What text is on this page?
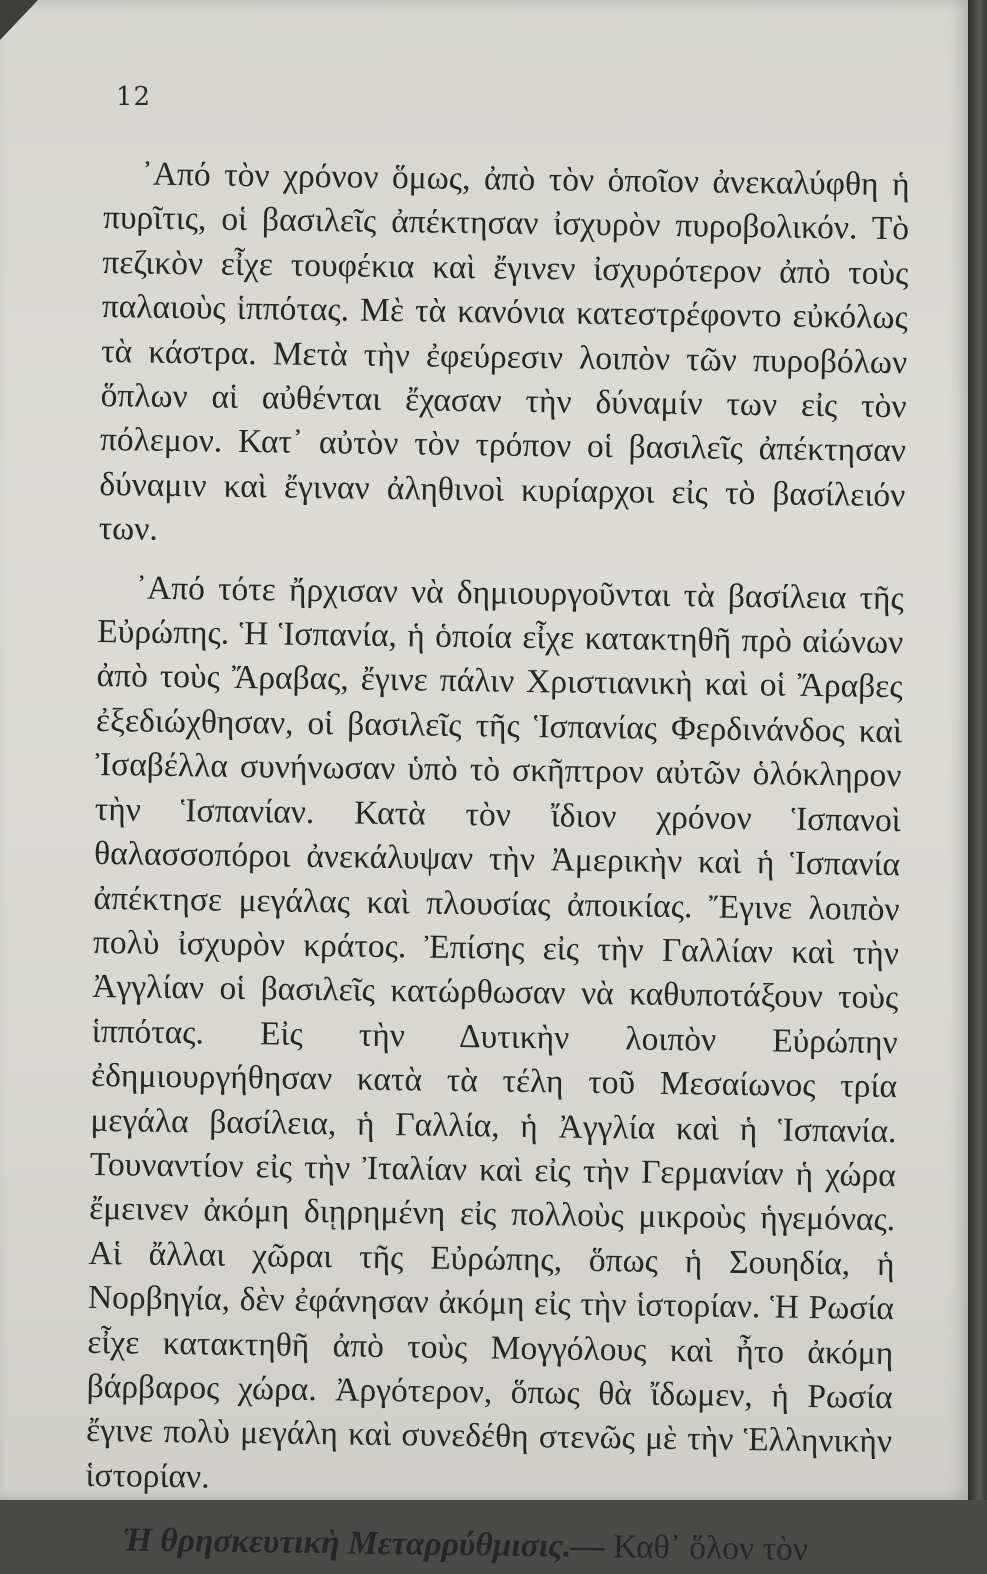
12

᾿Από τὸν χρόνον ὅμως, ἀπὸ τὸν ὁποῖον ἀνεκαλύφθη ἡ πυρῖτις, οἱ βασιλεῖς ἀπέκτησαν ἰσχυρὸν πυροβολικόν. Τὸ πεζικὸν εἶχε τουφέκια καὶ ἔγινεν ἰσχυρότερον ἀπὸ τοὺς παλαιοὺς ἱππότας. Μὲ τὰ κανόνια κατεστρέφοντο εὐκόλως τὰ κάστρα. Μετὰ τὴν ἐφεύρεσιν λοιπὸν τῶν πυροβόλων ὅπλων αἱ αὐθένται ἔχασαν τὴν δύναμίν των εἰς τὸν πόλεμον. Κατ᾿ αὐτὸν τὸν τρόπον οἱ βασιλεῖς ἀπέκτησαν δύναμιν καὶ ἔγιναν ἀληθινοὶ κυρίαρχοι εἰς τὸ βασίλειόν των.

᾿Από τότε ἤρχισαν νὰ δημιουργοῦνται τὰ βασίλεια τῆς Εὐρώπης. Ἡ Ἱσπανία, ἡ ὁποία εἶχε κατακτηθῆ πρὸ αἰώνων ἀπὸ τοὺς Ἄραβας, ἔγινε πάλιν Χριστιανικὴ καὶ οἱ Ἄραβες ἐξεδιώχθησαν, οἱ βασιλεῖς τῆς Ἱσπανίας Φερδινάνδος καὶ Ἰσαβέλλα συνήνωσαν ὑπὸ τὸ σκῆπτρον αὐτῶν ὁλόκληρον τὴν Ἱσπανίαν. Κατὰ τὸν ἴδιον χρόνον Ἱσπανοὶ θαλασσοπόροι ἀνεκάλυψαν τὴν Ἀμερικὴν καὶ ἡ Ἱσπανία ἀπέκτησε μεγάλας καὶ πλουσίας ἀποικίας. Ἔγινε λοιπὸν πολὺ ἰσχυρὸν κράτος. Ἐπίσης εἰς τὴν Γαλλίαν καὶ τὴν Ἀγγλίαν οἱ βασιλεῖς κατώρθωσαν νὰ καθυποτάξουν τοὺς ἱππότας. Εἰς τὴν Δυτικὴν λοιπὸν Εὐρώπην ἐδημιουργήθησαν κατὰ τὰ τέλη τοῦ Μεσαίωνος τρία μεγάλα βασίλεια, ἡ Γαλλία, ἡ Ἀγγλία καὶ ἡ Ἱσπανία. Τουναντίον εἰς τὴν Ἰταλίαν καὶ εἰς τὴν Γερμανίαν ἡ χώρα ἔμεινεν ἀκόμη διῃρημένη εἰς πολλοὺς μικροὺς ἡγεμόνας. Αἱ ἄλλαι χῶραι τῆς Εὐρώπης, ὅπως ἡ Σουηδία, ἡ Νορβηγία, δὲν ἐφάνησαν ἀκόμη εἰς τὴν ἱστορίαν. Ἡ Ρωσία εἶχε κατακτηθῆ ἀπὸ τοὺς Μογγόλους καὶ ἦτο ἀκόμη βάρβαρος χώρα. Ἀργότερον, ὅπως θὰ ἴδωμεν, ἡ Ρωσία ἔγινε πολὺ μεγάλη καὶ συνεδέθη στενῶς μὲ τὴν Ἑλληνικὴν ἱστορίαν.

Ἡ θρησκευτικὴ Μεταρρύθμισις.— Καθ᾿ ὅλον τὸν
